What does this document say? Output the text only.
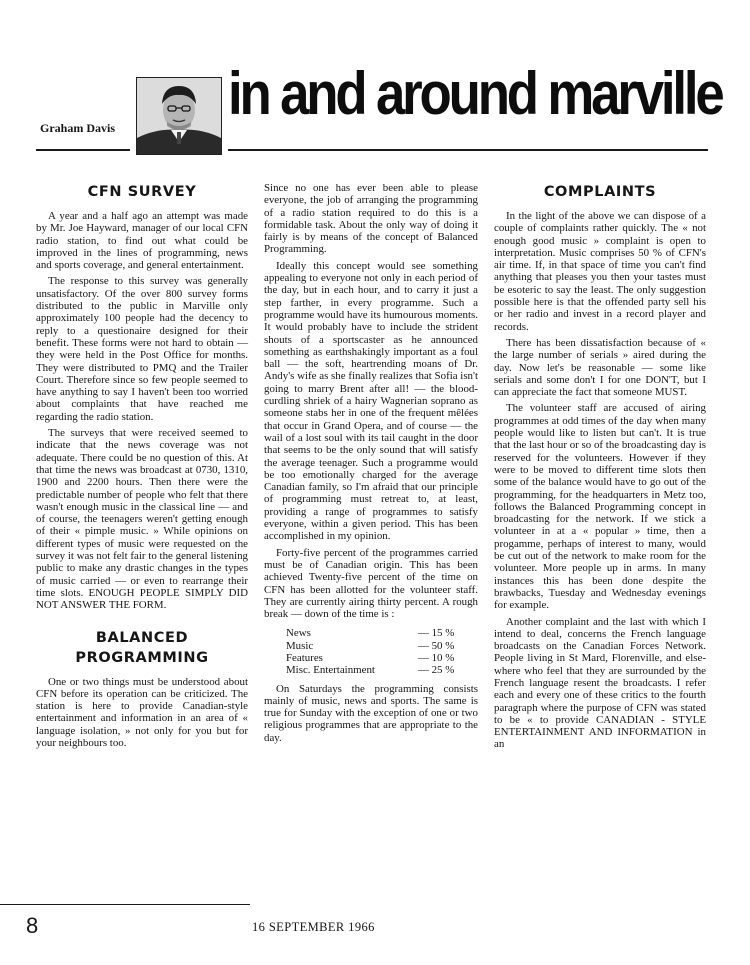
Graham Davis
in and around marville
CFN SURVEY

A year and a half ago an attempt was made by Mr. Joe Hayward, manager of our local CFN radio station, to find out what could be improved in the lines of programming, news and sports coverage, and general entertainment.

The response to this survey was generally unsatisfactory. Of the over 800 survey forms distributed to the public in Marville only approximately 100 people had the decency to reply to a questionaire designed for their benefit. These forms were not hard to obtain — they were held in the Post Office for months. They were distributed to PMQ and the Trailer Court. Therefore since so few people seemed to have anything to say I haven't been too worried about complaints that have reached me regarding the radio station.

The surveys that were received seemed to indicate that the news coverage was not adequate. There could be no question of this. At that time the news was broadcast at 0730, 1310, 1900 and 2200 hours. Then there were the predictable number of people who felt that there wasn't enough music in the classical line — and of course, the teenagers weren't getting enough of their « pimple music. » While opinions on different types of music were requested on the survey it was not felt fair to the general listening public to make any drastic changes in the types of music carried — or even to rearrange their time slots. ENOUGH PEOPLE SIMPLY DID NOT ANSWER THE FORM.

BALANCED PROGRAMMING

One or two things must be understood about CFN before its operation can be criticized. The station is here to provide Canadian-style entertainment and information in an area of « language isolation, » not only for you but for your neighbours too.

Since no one has ever been able to please everyone, the job of arranging the programming of a radio station required to do this is a formidable task. About the only way of doing it fairly is by means of the concept of Balanced Programming.

Ideally this concept would see something appealing to everyone not only in each period of the day, but in each hour, and to carry it just a step farther, in every programme. Such a programme would have its humourous moments. It would probably have to include the strident shouts of a sportscaster as he announced something as earthshakingly important as a foul ball — the soft, heartrending moans of Dr. Andy's wife as she finally realizes that Sofia isn't going to marry Brent after all! — the blood-curdling shriek of a hairy Wagnerian soprano as someone stabs her in one of the frequent mêlées that occur in Grand Opera, and of course — the wail of a lost soul with its tail caught in the door that seems to be the only sound that will satisfy the average teenager. Such a programme would be too emotionally charged for the average Canadian family, so I'm afraid that our principle of programming must retreat to, at least, providing a range of programmes to satisfy everyone, within a given period. This has been accomplished in my opinion.

Forty-five percent of the programmes carried must be of Canadian origin. This has been achieved Twenty-five percent of the time on CFN has been allotted for the volunteer staff. They are currently airing thirty percent. A rough break — down of the time is :

News	— 15 %
Music	— 50 %
Features	— 10 %
Misc. Entertainment	— 25 %

On Saturdays the programming consists mainly of music, news and sports. The same is true for Sunday with the exception of one or two religious programmes that are appropriate to the day.

COMPLAINTS

In the light of the above we can dispose of a couple of complaints rather quickly. The « not enough good music » complaint is open to interpretation. Music comprises 50 % of CFN's air time. If, in that space of time you can't find anything that pleases you then your tastes must be esoteric to say the least. The only suggestion possible here is that the offended party sell his or her radio and invest in a record player and records.

There has been dissatisfaction because of « the large number of serials » aired during the day. Now let's be reasonable — some like serials and some don't I for one DON'T, but I can appreciate the fact that someone MUST.

The volunteer staff are accused of airing programmes at odd times of the day when many people would like to listen but can't. It is true that the last hour or so of the broadcasting day is reserved for the volunteers. However if they were to be moved to different time slots then some of the balance would have to go out of the programming, for the headquarters in Metz too, follows the Balanced Programming concept in broadcasting for the network. If we stick a volunteer in at a « popular » time, then a progamme, perhaps of interest to many, would be cut out of the network to make room for the volunteer. More people up in arms. In many instances this has been done despite the brawbacks, Tuesday and Wednesday evenings for example.

Another complaint and the last with which I intend to deal, concerns the French language broadcasts on the Canadian Forces Network. People living in St Mard, Florenville, and else-where who feel that they are surrounded by the French language resent the broadcasts. I refer each and every one of these critics to the fourth paragraph where the purpose of CFN was stated to be « to provide CANADIAN - STYLE ENTERTAINMENT AND INFORMATION in an

8	16 SEPTEMBER 1966
